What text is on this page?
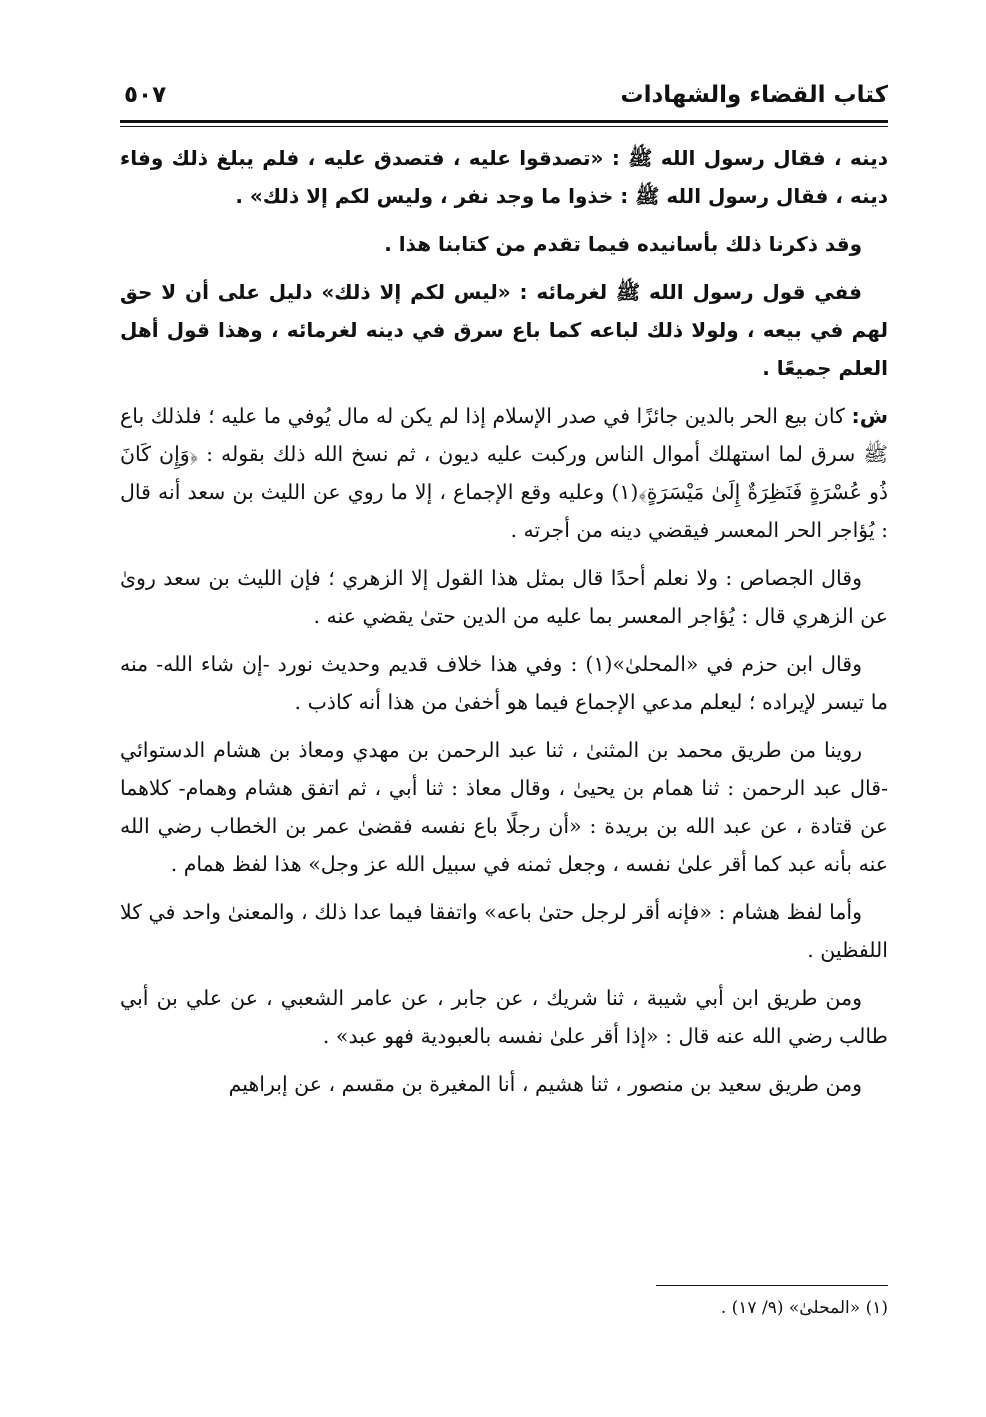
كتاب القضاء والشهادات
٥٠٧

دينه ، فقال رسول الله ﷺ : «تصدقوا عليه ، فتصدق عليه ، فلم يبلغ ذلك وفاء دينه ، فقال رسول الله ﷺ : خذوا ما وجد نفر ، وليس لكم إلا ذلك» .

وقد ذكرنا ذلك بأسانيده فيما تقدم من كتابنا هذا .

ففي قول رسول الله ﷺ لغرمائه : «ليس لكم إلا ذلك» دليل على أن لا حق لهم في بيعه ، ولولا ذلك لباعه كما باع سرق في دينه لغرمائه ، وهذا قول أهل العلم جميعًا .

ش: كان بيع الحر بالدين جائزًا في صدر الإسلام إذا لم يكن له مال يُوفي ما عليه ؛ فلذلك باع ﷺ سرق لما استهلك أموال الناس وركبت عليه ديون ، ثم نسخ الله ذلك بقوله : ﴿وَإِن كَانَ ذُو عُسْرَةٍ فَنَظِرَةٌ إِلَىٰ مَيْسَرَةٍ﴾(١) وعليه وقع الإجماع ، إلا ما روي عن الليث بن سعد أنه قال : يُؤاجر الحر المعسر فيقضي دينه من أجرته .

وقال الجصاص : ولا نعلم أحدًا قال بمثل هذا القول إلا الزهري ؛ فإن الليث بن سعد روىٰ عن الزهري قال : يُؤاجر المعسر بما عليه من الدين حتىٰ يقضي عنه .

وقال ابن حزم في «المحلىٰ»(١) : وفي هذا خلاف قديم وحديث نورد -إن شاء الله- منه ما تيسر لإيراده ؛ ليعلم مدعي الإجماع فيما هو أخفىٰ من هذا أنه كاذب .

روينا من طريق محمد بن المثنىٰ ، ثنا عبد الرحمن بن مهدي ومعاذ بن هشام الدستوائي -قال عبد الرحمن : ثنا همام بن يحيىٰ ، وقال معاذ : ثنا أبي ، ثم اتفق هشام وهمام- كلاهما عن قتادة ، عن عبد الله بن بريدة : «أن رجلًا باع نفسه فقضىٰ عمر بن الخطاب رضي الله عنه بأنه عبد كما أقر علىٰ نفسه ، وجعل ثمنه في سبيل الله عز وجل» هذا لفظ همام .

وأما لفظ هشام : «فإنه أقر لرجل حتىٰ باعه» واتفقا فيما عدا ذلك ، والمعنىٰ واحد في كلا اللفظين .

ومن طريق ابن أبي شيبة ، ثنا شريك ، عن جابر ، عن عامر الشعبي ، عن علي بن أبي طالب رضي الله عنه قال : «إذا أقر علىٰ نفسه بالعبودية فهو عبد» .

ومن طريق سعيد بن منصور ، ثنا هشيم ، أنا المغيرة بن مقسم ، عن إبراهيم

(١) «المحلىٰ» (٩/ ١٧) .
